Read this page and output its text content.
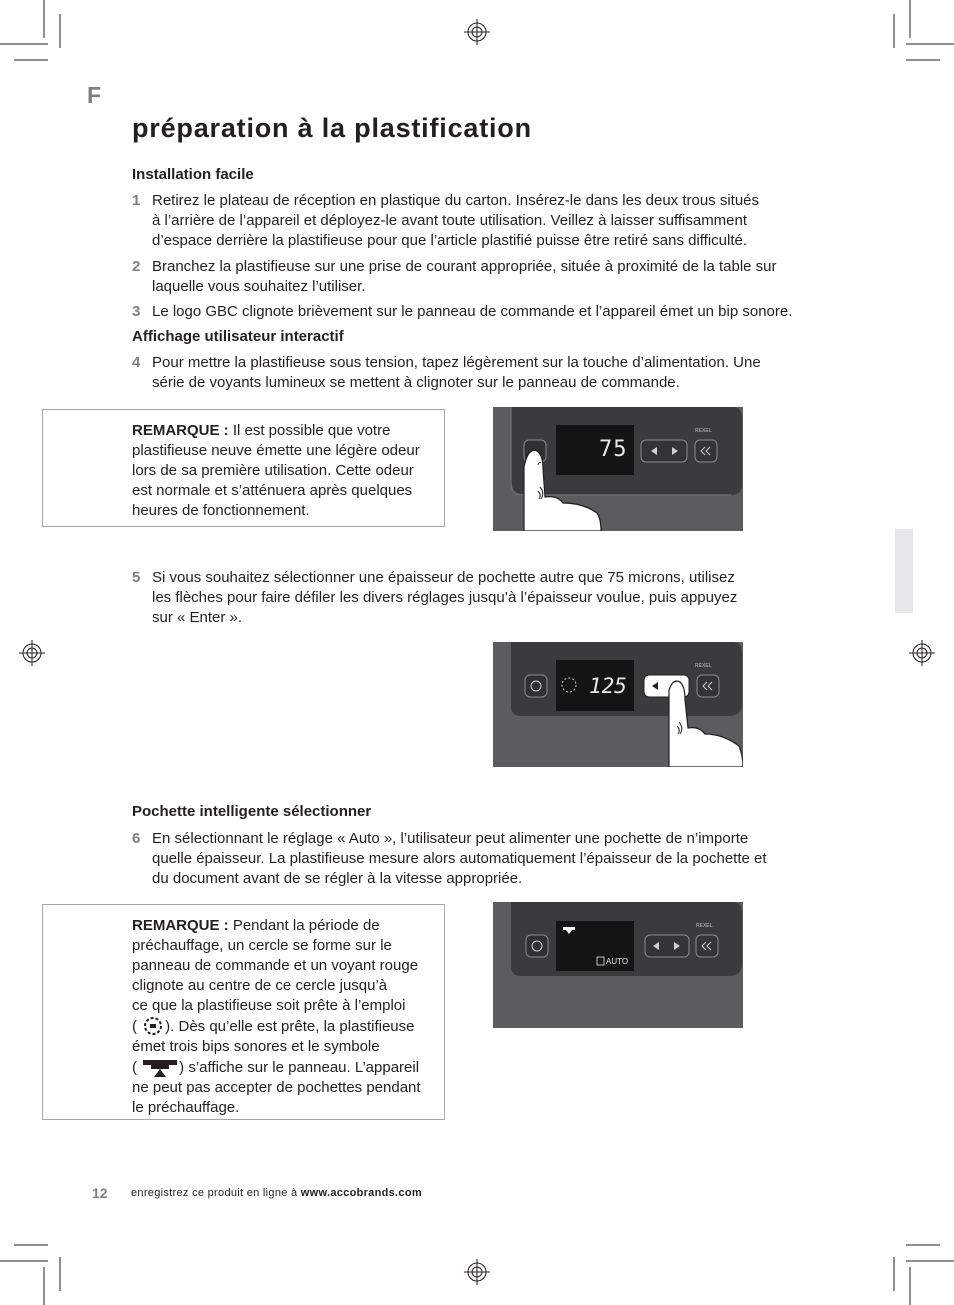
F
préparation à la plastification
Installation facile
1 Retirez le plateau de réception en plastique du carton. Insérez-le dans les deux trous situés
à l’arrière de l’appareil et déployez-le avant toute utilisation. Veillez à laisser suffisamment
d’espace derrière la plastifieuse pour que l’article plastifié puisse être retiré sans difficulté.
2 Branchez la plastifieuse sur une prise de courant appropriée, située à proximité de la table sur
laquelle vous souhaitez l’utiliser.
3 Le logo GBC clignote brièvement sur le panneau de commande et l’appareil émet un bip sonore.
Affichage utilisateur interactif
4 Pour mettre la plastifieuse sous tension, tapez légèrement sur la touche d’alimentation. Une
série de voyants lumineux se mettent à clignoter sur le panneau de commande.
REMARQUE : Il est possible que votre
plastifieuse neuve émette une légère odeur
lors de sa première utilisation. Cette odeur
est normale et s’atténuera après quelques
heures de fonctionnement.
75
REXEL
5 Si vous souhaitez sélectionner une épaisseur de pochette autre que 75 microns, utilisez
les flèches pour faire défiler les divers réglages jusqu’à l’épaisseur voulue, puis appuyez
sur « Enter ».
125
REXEL
Pochette intelligente sélectionner
6 En sélectionnant le réglage « Auto », l’utilisateur peut alimenter une pochette de n’importe
quelle épaisseur. La plastifieuse mesure alors automatiquement l’épaisseur de la pochette et
du document avant de se régler à la vitesse appropriée.
REMARQUE : Pendant la période de
préchauffage, un cercle se forme sur le
panneau de commande et un voyant rouge
clignote au centre de ce cercle jusqu’à
ce que la plastifieuse soit prête à l’emploi
( ). Dès qu’elle est prête, la plastifieuse
émet trois bips sonores et le symbole
(	) s’affiche sur le panneau. L’appareil
ne peut pas accepter de pochettes pendant
le préchauffage.
AUTO
REXEL
12 enregistrez ce produit en ligne à www.accobrands.com
